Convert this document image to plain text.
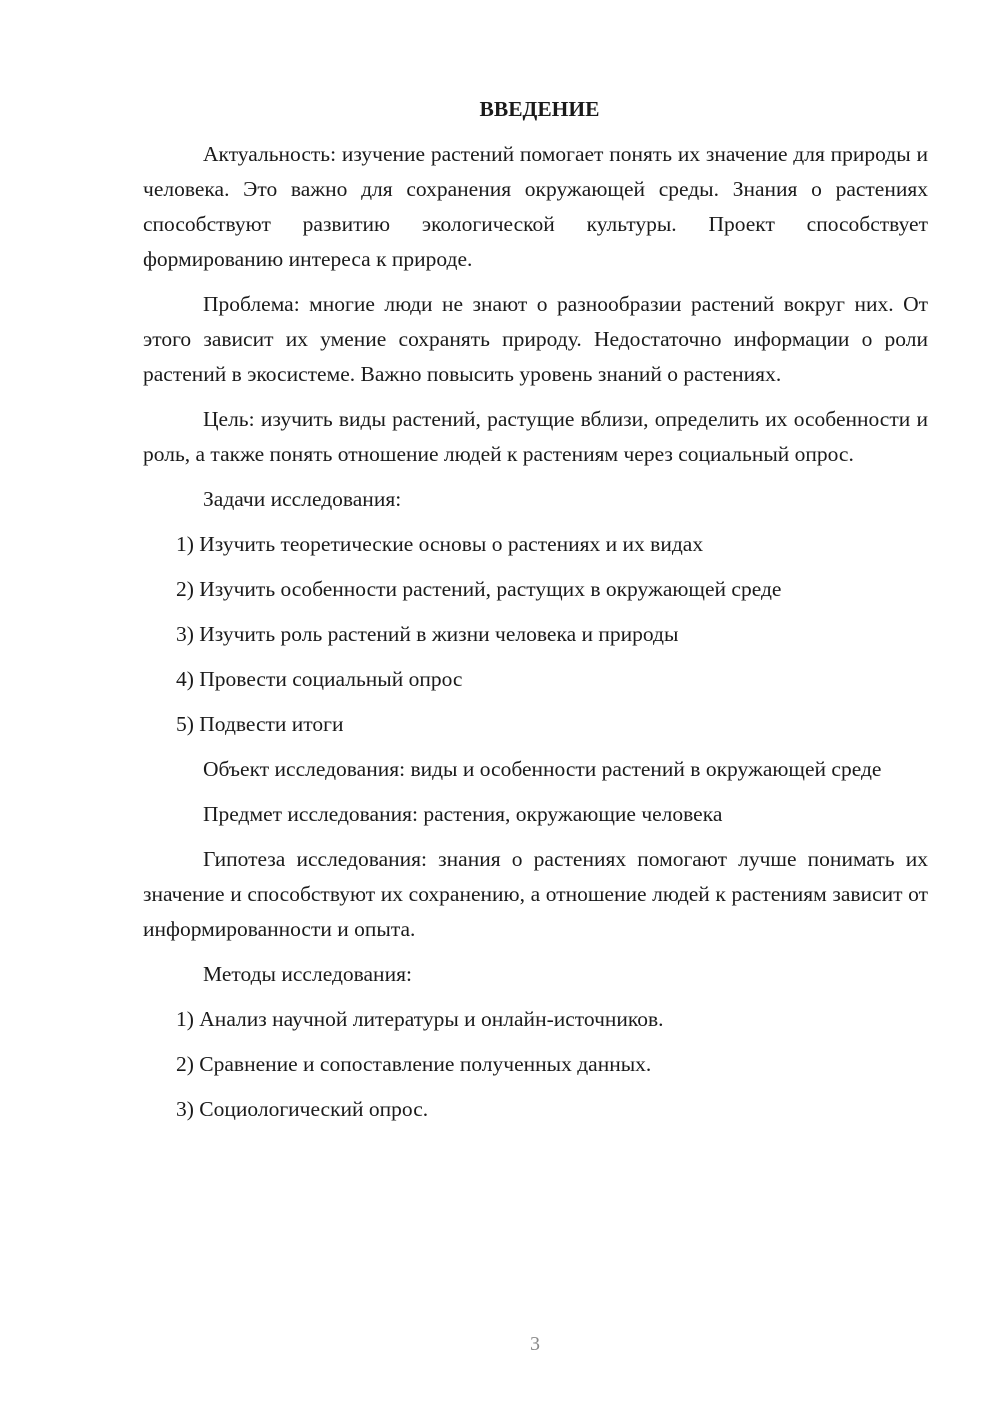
ВВЕДЕНИЕ

Актуальность: изучение растений помогает понять их значение для природы и человека. Это важно для сохранения окружающей среды. Знания о растениях способствуют развитию экологической культуры. Проект способствует формированию интереса к природе.

Проблема: многие люди не знают о разнообразии растений вокруг них. От этого зависит их умение сохранять природу. Недостаточно информации о роли растений в экосистеме. Важно повысить уровень знаний о растениях.

Цель: изучить виды растений, растущие вблизи, определить их особенности и роль, а также понять отношение людей к растениям через социальный опрос.

Задачи исследования:

1) Изучить теоретические основы о растениях и их видах

2) Изучить особенности растений, растущих в окружающей среде

3) Изучить роль растений в жизни человека и природы

4) Провести социальный опрос

5) Подвести итоги

Объект исследования: виды и особенности растений в окружающей среде

Предмет исследования: растения, окружающие человека

Гипотеза исследования: знания о растениях помогают лучше понимать их значение и способствуют их сохранению, а отношение людей к растениям зависит от информированности и опыта.

Методы исследования:

1) Анализ научной литературы и онлайн-источников.

2) Сравнение и сопоставление полученных данных.

3) Социологический опрос.

3
